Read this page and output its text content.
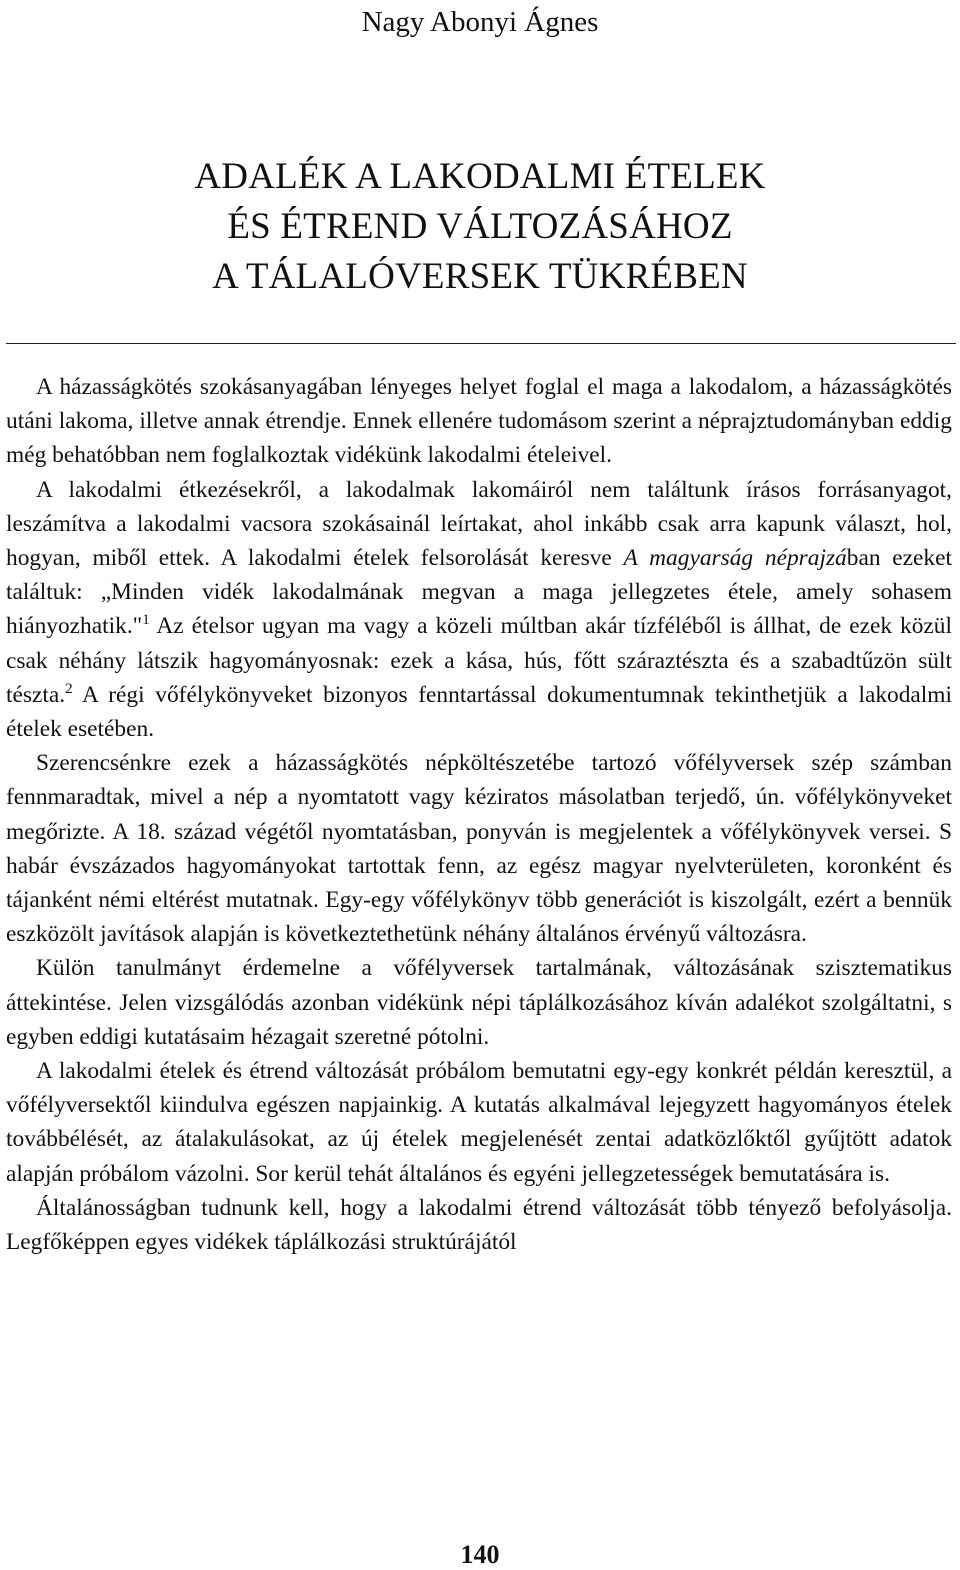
Nagy Abonyi Ágnes
ADALÉK A LAKODALMI ÉTELEK
ÉS ÉTREND VÁLTOZÁSÁHOZ
A TÁLALÓVERSEK TÜKRÉBEN

A házasságkötés szokásanyagában lényeges helyet foglal el maga a lakodalom, a házasságkötés utáni lakoma, illetve annak étrendje. Ennek ellenére tudomásom szerint a néprajztudományban eddig még behatóbban nem foglalkoztak vidékünk lakodalmi ételeivel.

A lakodalmi étkezésekről, a lakodalmak lakomáiról nem találtunk írásos forrásanyagot, leszámítva a lakodalmi vacsora szokásainál leírtakat, ahol inkább csak arra kapunk választ, hol, hogyan, miből ettek. A lakodalmi ételek felsorolását keresve A magyarság néprajzában ezeket találtuk: „Minden vidék lakodalmának megvan a maga jellegzetes étele, amely sohasem hiányozhatik."$^1$ Az ételsor ugyan ma vagy a közeli múltban akár tízféléből is állhat, de ezek közül csak néhány látszik hagyományosnak: ezek a kása, hús, főtt száraztészta és a szabadtűzön sült tészta.$^2$ A régi vőfélykönyveket bizonyos fenntartással dokumentumnak tekinthetjük a lakodalmi ételek esetében.

Szerencsénkre ezek a házasságkötés népköltészetébe tartozó vőfélyversek szép számban fennmaradtak, mivel a nép a nyomtatott vagy kéziratos másolatban terjedő, ún. vőfélykönyveket megőrizte. A 18. század végétől nyomtatásban, ponyván is megjelentek a vőfélykönyvek versei. S habár évszázados hagyományokat tartottak fenn, az egész magyar nyelvterületen, koronként és tájanként némi eltérést mutatnak. Egy-egy vőfélykönyv több generációt is kiszolgált, ezért a bennük eszközölt javítások alapján is következtethetünk néhány általános érvényű változásra.

Külön tanulmányt érdemelne a vőfélyversek tartalmának, változásának szisztematikus áttekintése. Jelen vizsgálódás azonban vidékünk népi táplálkozásához kíván adalékot szolgáltatni, s egyben eddigi kutatásaim hézagait szeretné pótolni.

A lakodalmi ételek és étrend változását próbálom bemutatni egy-egy konkrét példán keresztül, a vőfélyversektől kiindulva egészen napjainkig. A kutatás alkalmával lejegyzett hagyományos ételek továbbélését, az átalakulásokat, az új ételek megjelenését zentai adatközlőktől gyűjtött adatok alapján próbálom vázolni. Sor kerül tehát általános és egyéni jellegzetességek bemutatására is.

Általánosságban tudnunk kell, hogy a lakodalmi étrend változását több tényező befolyásolja. Legfőképpen egyes vidékek táplálkozási struktúrájától

140
